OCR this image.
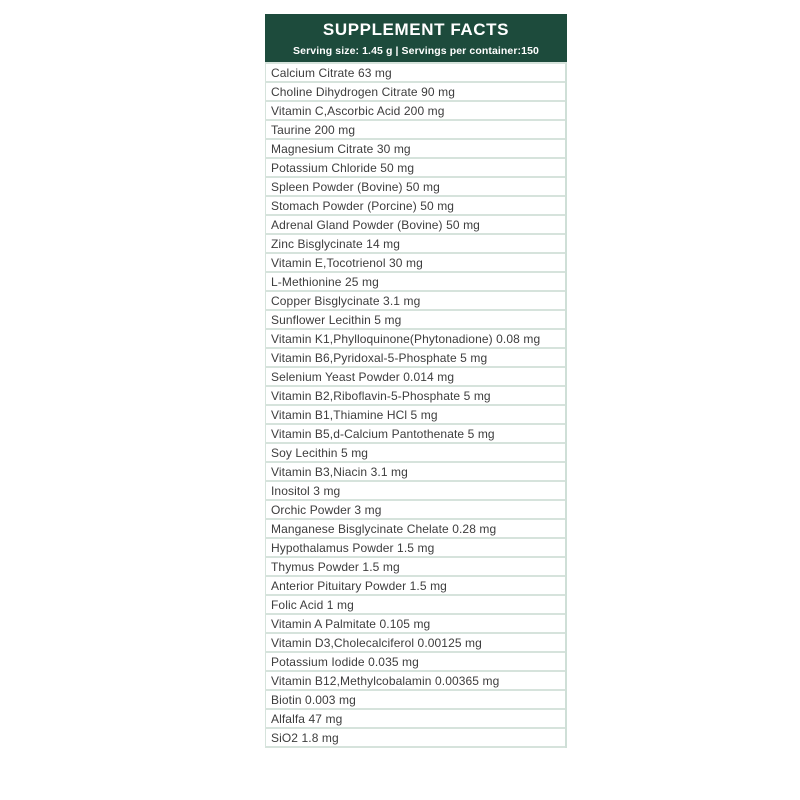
SUPPLEMENT FACTS
Serving size: 1.45 g | Servings per container:150
Calcium Citrate 63 mg
Choline Dihydrogen Citrate 90 mg
Vitamin C,Ascorbic Acid 200 mg
Taurine 200 mg
Magnesium Citrate 30 mg
Potassium Chloride 50 mg
Spleen Powder (Bovine) 50 mg
Stomach Powder (Porcine) 50 mg
Adrenal Gland Powder (Bovine) 50 mg
Zinc Bisglycinate 14 mg
Vitamin E,Tocotrienol 30 mg
L-Methionine 25 mg
Copper Bisglycinate 3.1 mg
Sunflower Lecithin 5 mg
Vitamin K1,Phylloquinone(Phytonadione) 0.08 mg
Vitamin B6,Pyridoxal-5-Phosphate 5 mg
Selenium Yeast Powder 0.014 mg
Vitamin B2,Riboflavin-5-Phosphate 5 mg
Vitamin B1,Thiamine HCl 5 mg
Vitamin B5,d-Calcium Pantothenate 5 mg
Soy Lecithin 5 mg
Vitamin B3,Niacin 3.1 mg
Inositol 3 mg
Orchic Powder 3 mg
Manganese Bisglycinate Chelate 0.28 mg
Hypothalamus Powder 1.5 mg
Thymus Powder 1.5 mg
Anterior Pituitary Powder 1.5 mg
Folic Acid 1 mg
Vitamin A Palmitate 0.105 mg
Vitamin D3,Cholecalciferol 0.00125 mg
Potassium Iodide 0.035 mg
Vitamin B12,Methylcobalamin 0.00365 mg
Biotin 0.003 mg
Alfalfa 47 mg
SiO2 1.8 mg
